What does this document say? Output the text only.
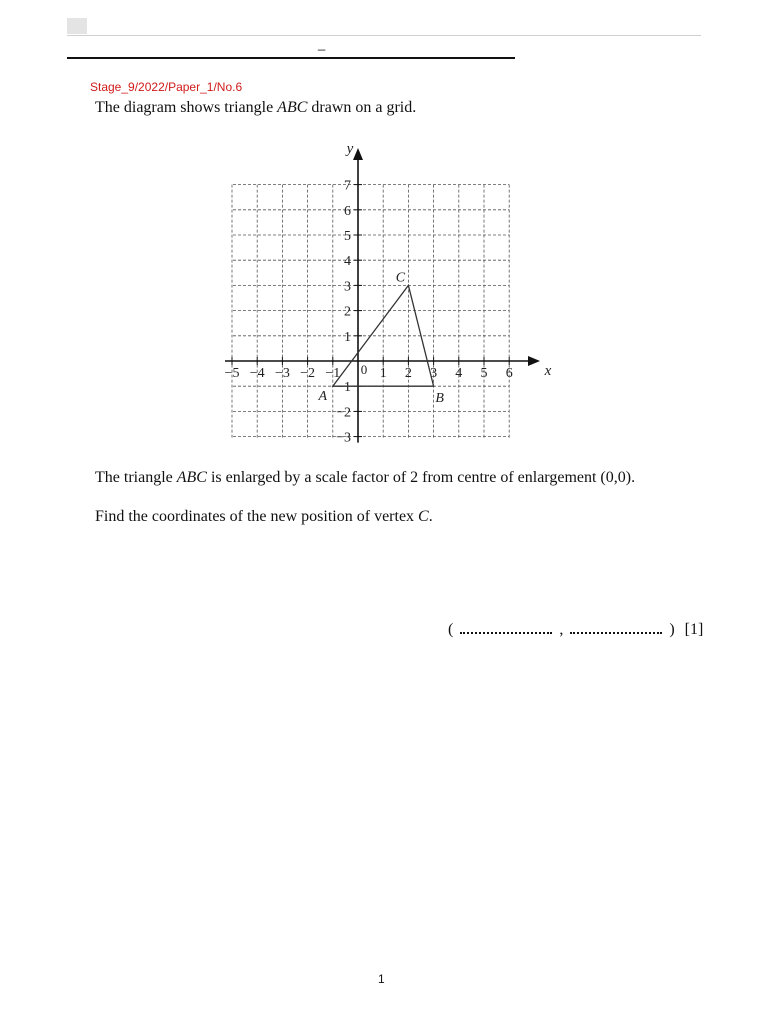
_
Stage_9/2022/Paper_1/No.6
The diagram shows triangle ABC drawn on a grid.
x
y
−5 −4 −3 −2 −1	1 2 3 4 5 6
7
6
5
4
3
2
1
−1
−2
−3
0
A	B
C
The triangle ABC is enlarged by a scale factor of 2 from centre of enlargement (0,0).
Find the coordinates of the new position of vertex C.
(	,	) [1]
1
